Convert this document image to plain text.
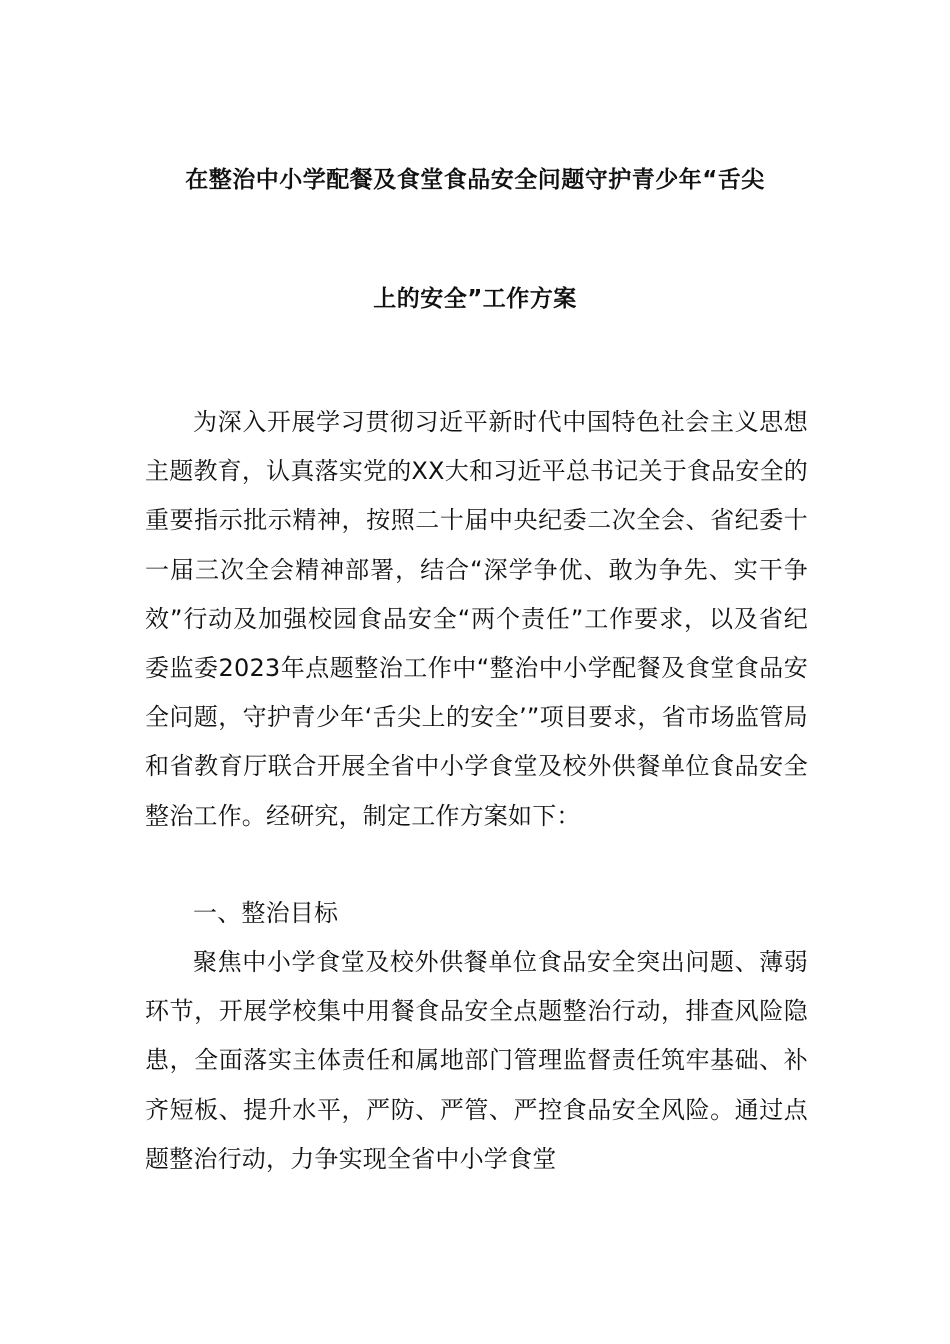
在整治中小学配餐及食堂食品安全问题守护青少年“舌尖
上的安全”工作方案
为深入开展学习贯彻习近平新时代中国特色社会主义思想主题教育，认真落实党的XX大和习近平总书记关于食品安全的重要指示批示精神，按照二十届中央纪委二次全会、省纪委十一届三次全会精神部署，结合“深学争优、敢为争先、实干争效”行动及加强校园食品安全“两个责任”工作要求，以及省纪委监委2023年点题整治工作中“整治中小学配餐及食堂食品安全问题，守护青少年‘舌尖上的安全’”项目要求，省市场监管局和省教育厅联合开展全省中小学食堂及校外供餐单位食品安全整治工作。经研究，制定工作方案如下：
一、整治目标
聚焦中小学食堂及校外供餐单位食品安全突出问题、薄弱环节，开展学校集中用餐食品安全点题整治行动，排查风险隐患，全面落实主体责任和属地部门管理监督责任筑牢基础、补齐短板、提升水平，严防、严管、严控食品安全风险。通过点题整治行动，力争实现全省中小学食堂
